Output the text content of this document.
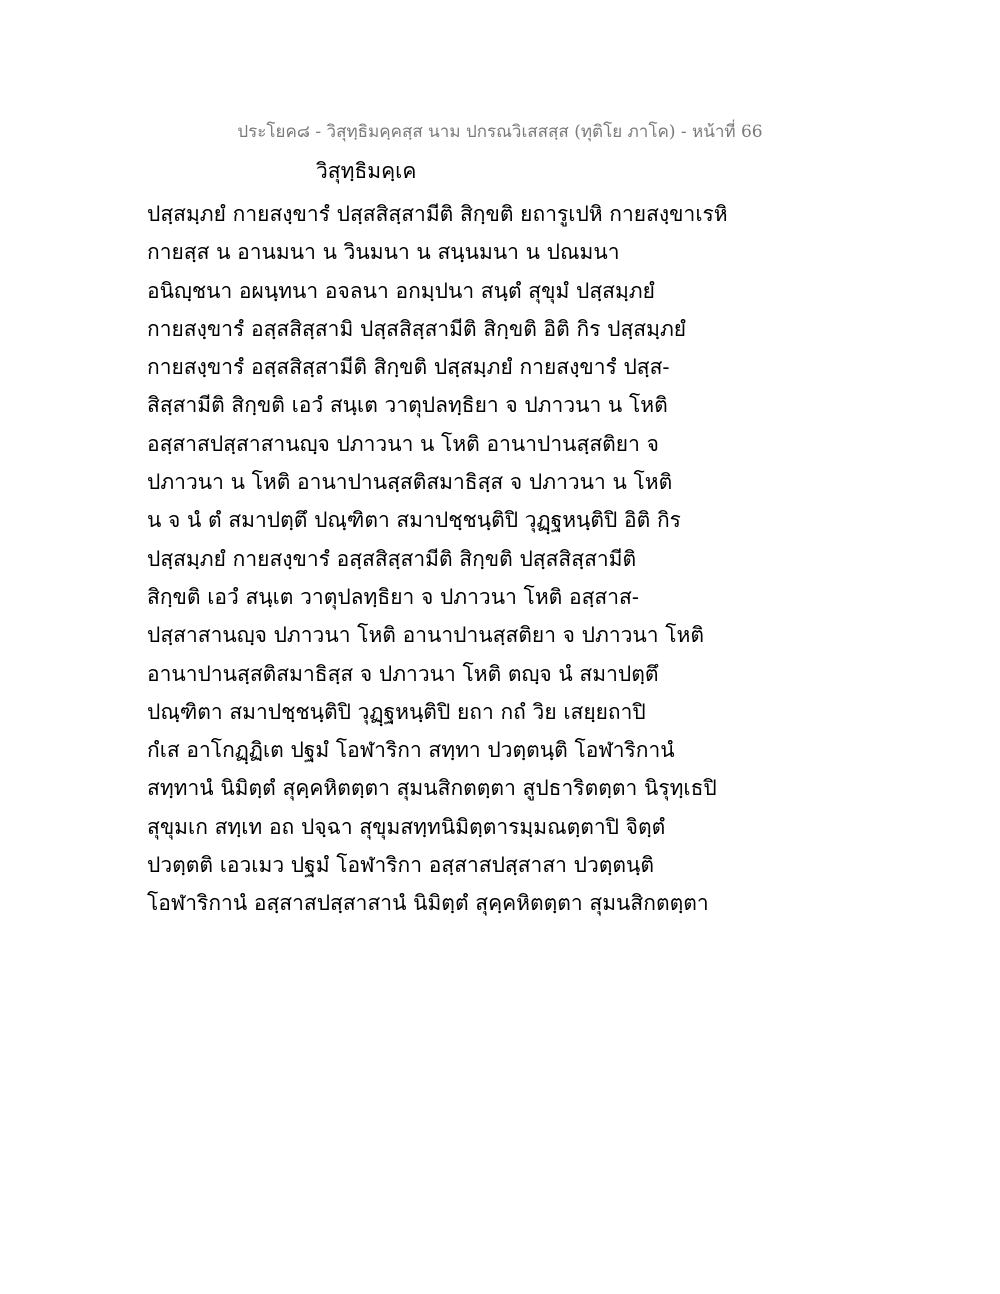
ประโยค๘ - วิสุทฺธิมคฺคสฺส นาม ปกรณวิเสสสฺส (ทุติโย ภาโค) - หน้าที่ 66
วิสุทฺธิมคฺเค
ปสฺสมฺภยํ กายสงฺขารํ ปสฺสสิสฺสามีติ สิกฺขติ ยถารูเปหิ กายสงฺขาเรหิ
กายสฺส น อานมนา น วินมนา น สนฺนมนา น ปณมนา
อนิญฺชนา อผนฺทนา อจลนา อกมฺปนา สนฺตํ สุขุมํ ปสฺสมฺภยํ
กายสงฺขารํ อสฺสสิสฺสามิ ปสฺสสิสฺสามีติ สิกฺขติ อิติ กิร ปสฺสมฺภยํ
กายสงฺขารํ อสฺสสิสฺสามีติ สิกฺขติ ปสฺสมฺภยํ กายสงฺขารํ ปสฺส-
สิสฺสามีติ สิกฺขติ เอวํ สนฺเต วาตุปลทฺธิยา จ ปภาวนา น โหติ
อสฺสาสปสฺสาสานญฺจ ปภาวนา น โหติ อานาปานสฺสติยา จ
ปภาวนา น โหติ อานาปานสฺสติสมาธิสฺส จ ปภาวนา น โหติ
น จ นํ ตํ สมาปตฺตึ ปณฺฑิตา สมาปชฺชนฺติปิ วุฏฺฐหนฺติปิ อิติ กิร
ปสฺสมฺภยํ กายสงฺขารํ อสฺสสิสฺสามีติ สิกฺขติ ปสฺสสิสฺสามีติ
สิกฺขติ เอวํ สนฺเต วาตุปลทฺธิยา จ ปภาวนา โหติ อสฺสาส-
ปสฺสาสานญฺจ ปภาวนา โหติ อานาปานสฺสติยา จ ปภาวนา โหติ
อานาปานสฺสติสมาธิสฺส จ ปภาวนา โหติ ตญฺจ นํ สมาปตฺตึ
ปณฺฑิตา สมาปชฺชนฺติปิ วุฏฺฐหนฺติปิ ยถา กถํ วิย เสยฺยถาปิ
กํเส อาโกฏฺฏิเต ปฐมํ โอฬาริกา สทฺทา ปวตฺตนฺติ โอฬาริกานํ
สทฺทานํ นิมิตฺตํ สุคฺคหิตตฺตา สุมนสิกตตฺตา สูปธาริตตฺตา นิรุทฺเธปิ
สุขุมเก สทฺเท อถ ปจฺฉา สุขุมสทฺทนิมิตฺตารมฺมณตฺตาปิ จิตฺตํ
ปวตฺตติ เอวเมว ปฐมํ โอฬาริกา อสฺสาสปสฺสาสา ปวตฺตนฺติ
โอฬาริกานํ อสฺสาสปสฺสาสานํ นิมิตฺตํ สุคฺคหิตตฺตา สุมนสิกตตฺตา
